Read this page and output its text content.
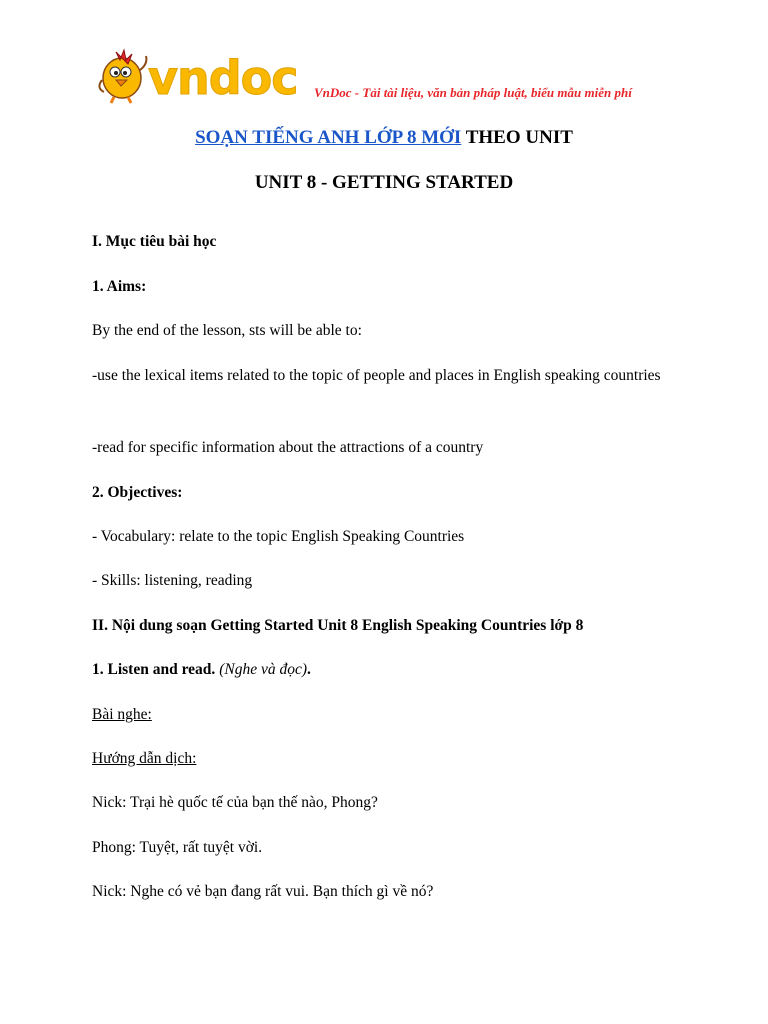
vndoc VnDoc - Tải tài liệu, văn bản pháp luật, biểu mẫu miễn phí
SOẠN TIẾNG ANH LỚP 8 MỚI THEO UNIT
UNIT 8 - GETTING STARTED
I. Mục tiêu bài học
1. Aims:
By the end of the lesson, sts will be able to:
-use the lexical items related to the topic of people and places in English speaking countries
-read for specific information about the attractions of a country
2. Objectives:
- Vocabulary: relate to the topic English Speaking Countries
- Skills: listening, reading
II. Nội dung soạn Getting Started Unit 8 English Speaking Countries lớp 8
1. Listen and read. (Nghe và đọc).
Bài nghe:
Hướng dẫn dịch:
Nick: Trại hè quốc tế của bạn thế nào, Phong?
Phong: Tuyệt, rất tuyệt vời.
Nick: Nghe có vẻ bạn đang rất vui. Bạn thích gì về nó?
